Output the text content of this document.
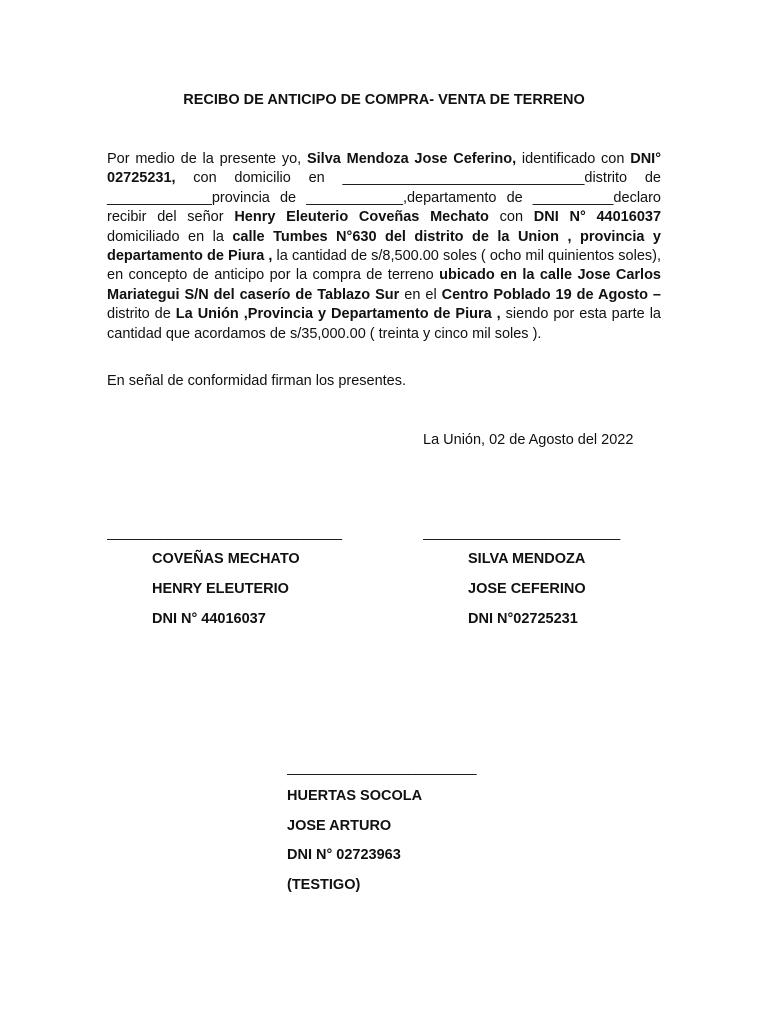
RECIBO DE ANTICIPO DE COMPRA- VENTA DE TERRENO
Por medio de la presente yo, Silva Mendoza Jose Ceferino, identificado con DNI° 02725231, con domicilio en ______________________________distrito de _____________provincia de ____________,departamento de __________declaro recibir del señor Henry Eleuterio Coveñas Mechato con DNI N° 44016037 domiciliado en la calle Tumbes N°630 del distrito de la Union , provincia y departamento de Piura , la cantidad de s/8,500.00 soles ( ocho mil quinientos soles), en concepto de anticipo por la compra de terreno ubicado en la calle Jose Carlos Mariategui S/N del caserío de Tablazo Sur en el Centro Poblado 19 de Agosto – distrito de La Unión ,Provincia y Departamento de Piura , siendo por esta parte la cantidad que acordamos de s/35,000.00 ( treinta y cinco mil soles ).
En señal de conformidad firman los presentes.
La Unión, 02 de Agosto del 2022
_______________________________
COVEÑAS MECHATO
HENRY ELEUTERIO
DNI N° 44016037
__________________________
SILVA MENDOZA
JOSE CEFERINO
DNI N°02725231
_________________________
HUERTAS SOCOLA
JOSE ARTURO
DNI N° 02723963
(TESTIGO)
